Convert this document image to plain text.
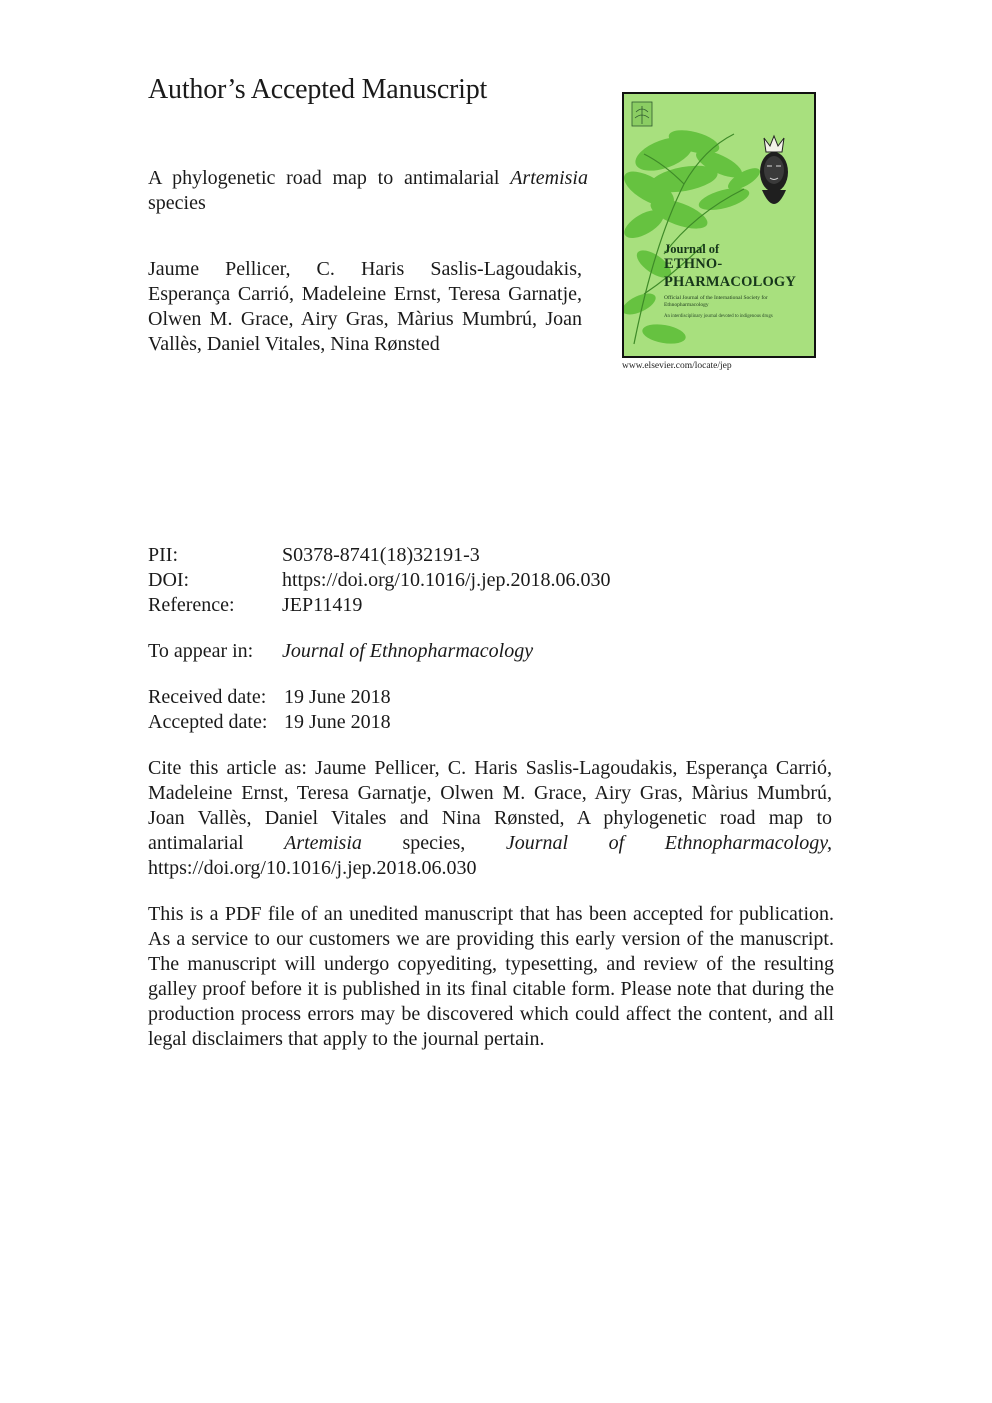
Author’s Accepted Manuscript

A phylogenetic road map to antimalarial Artemisia species

Jaume Pellicer, C. Haris Saslis-Lagoudakis, Esperança Carrió, Madeleine Ernst, Teresa Garnatje, Olwen M. Grace, Airy Gras, Màrius Mumbrú, Joan Vallès, Daniel Vitales, Nina Rønsted

Journal of
ETHNO-
PHARMACOLOGY
Official Journal of the International Society for Ethnopharmacology
An interdisciplinary journal devoted to indigenous drugs
www.elsevier.com/locate/jep
PII:	S0378-8741(18)32191-3
DOI:	https://doi.org/10.1016/j.jep.2018.06.030
Reference: JEP11419
To appear in: Journal of Ethnopharmacology
Received date: 19 June 2018
Accepted date: 19 June 2018

Cite this article as: Jaume Pellicer, C. Haris Saslis-Lagoudakis, Esperança Carrió, Madeleine Ernst, Teresa Garnatje, Olwen M. Grace, Airy Gras, Màrius Mumbrú, Joan Vallès, Daniel Vitales and Nina Rønsted, A phylogenetic road map to antimalarial Artemisia species, Journal of Ethnopharmacology, https://doi.org/10.1016/j.jep.2018.06.030

This is a PDF file of an unedited manuscript that has been accepted for publication. As a service to our customers we are providing this early version of the manuscript. The manuscript will undergo copyediting, typesetting, and review of the resulting galley proof before it is published in its final citable form. Please note that during the production process errors may be discovered which could affect the content, and all legal disclaimers that apply to the journal pertain.
